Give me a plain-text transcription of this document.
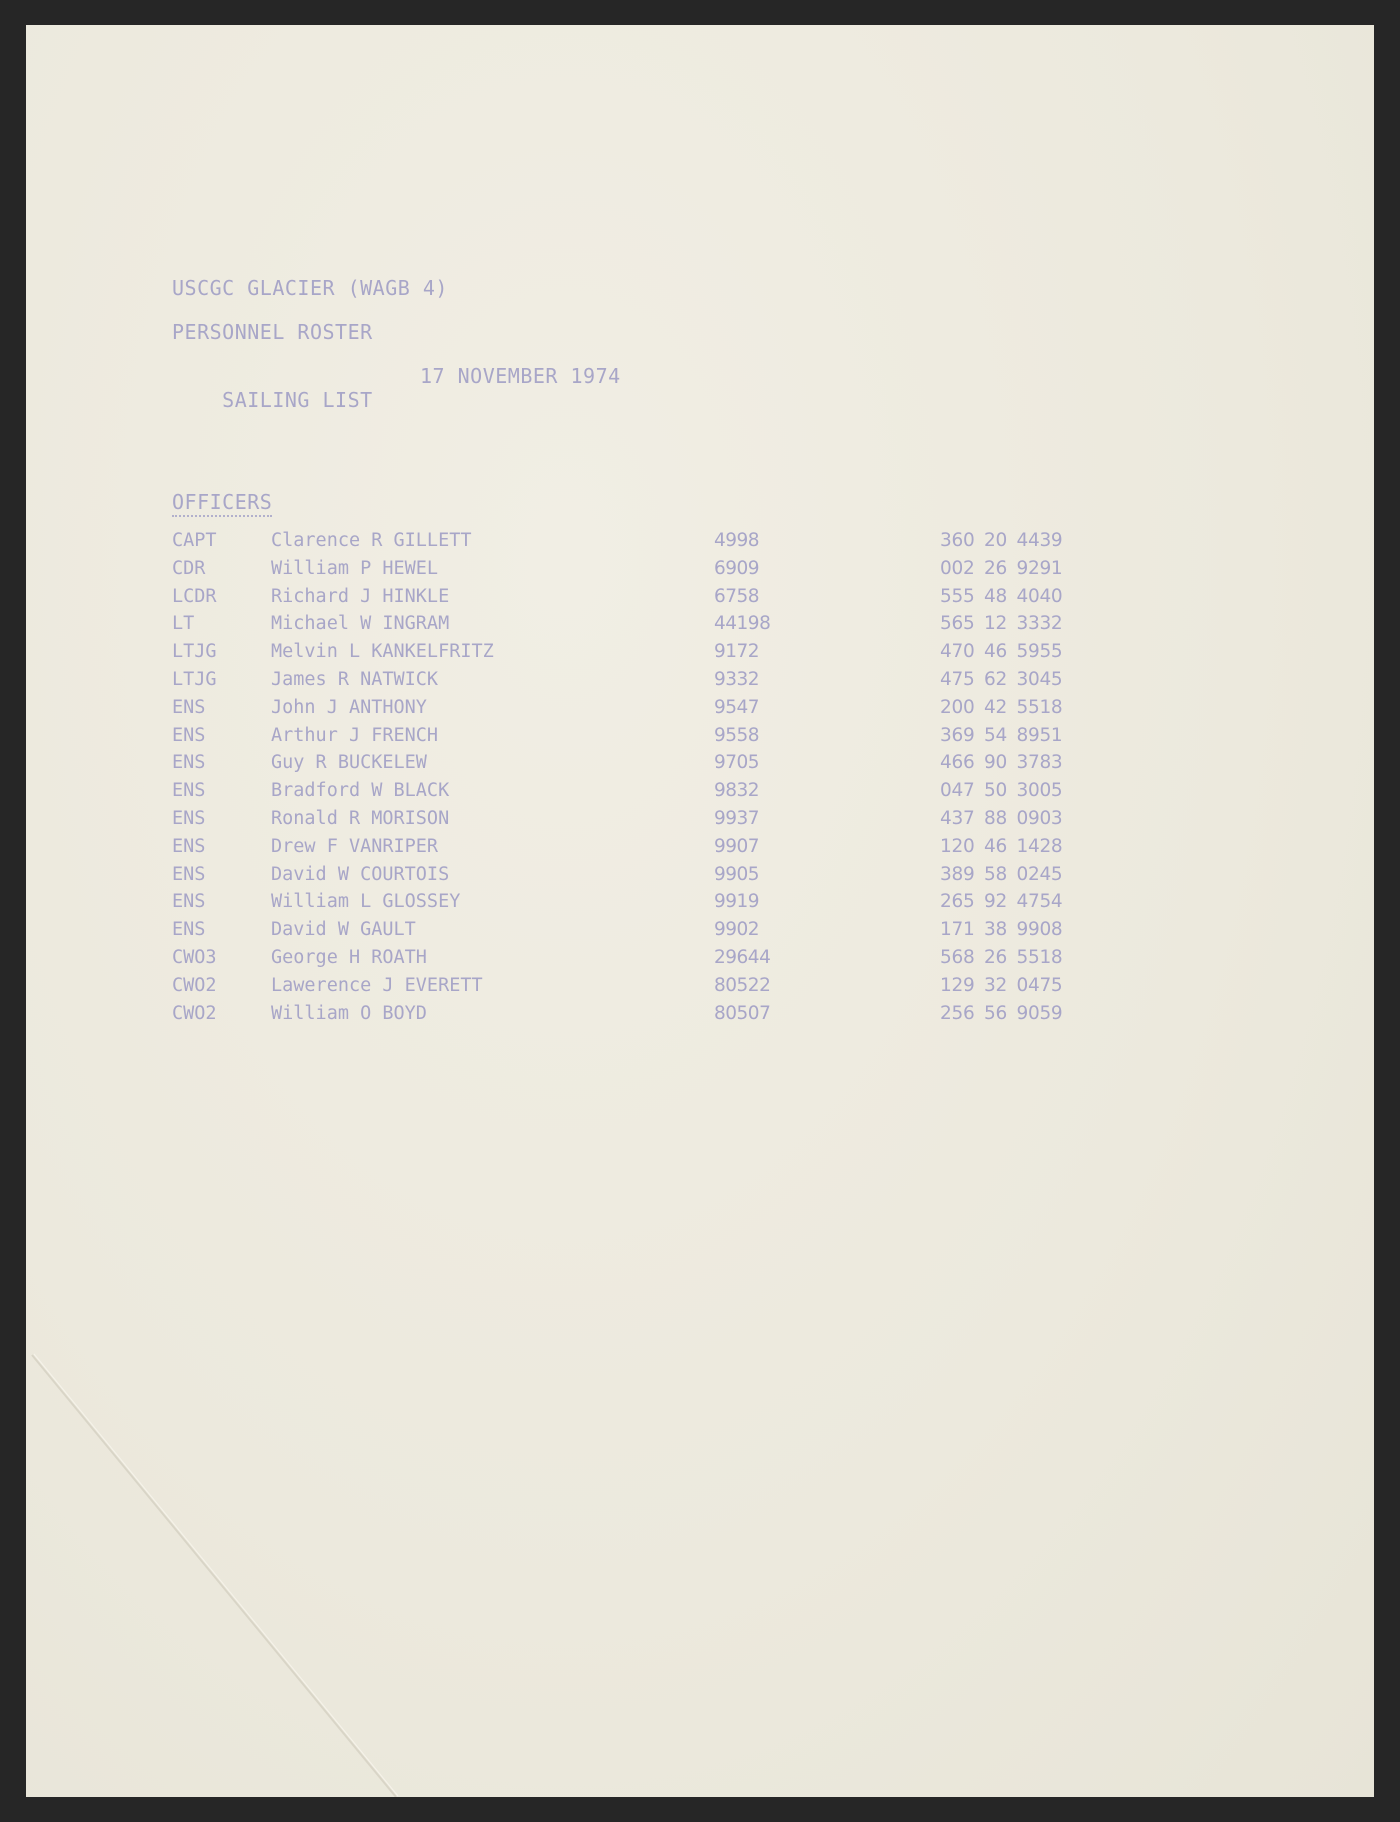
USCGC GLACIER (WAGB 4)
PERSONNEL ROSTER

SAILING LIST

17 NOVEMBER 1974

OFFICERS
CAPT	Clarence R GILLETT	4998	360 20 4439
CDR	William P HEWEL	6909	002 26 9291
LCDR	Richard J HINKLE	6758	555 48 4040
LT	Michael W INGRAM	44198	565 12 3332
LTJG	Melvin L KANKELFRITZ	9172	470 46 5955
LTJG	James R NATWICK	9332	475 62 3045
ENS	John J ANTHONY	9547	200 42 5518
ENS	Arthur J FRENCH	9558	369 54 8951
ENS	Guy R BUCKELEW	9705	466 90 3783
ENS	Bradford W BLACK	9832	047 50 3005
ENS	Ronald R MORISON	9937	437 88 0903
ENS	Drew F VANRIPER	9907	120 46 1428
ENS	David W COURTOIS	9905	389 58 0245
ENS	William L GLOSSEY	9919	265 92 4754
ENS	David W GAULT	9902	171 38 9908
CWO3	George H ROATH	29644	568 26 5518
CWO2	Lawerence J EVERETT	80522	129 32 0475
CWO2	William O BOYD	80507	256 56 9059
